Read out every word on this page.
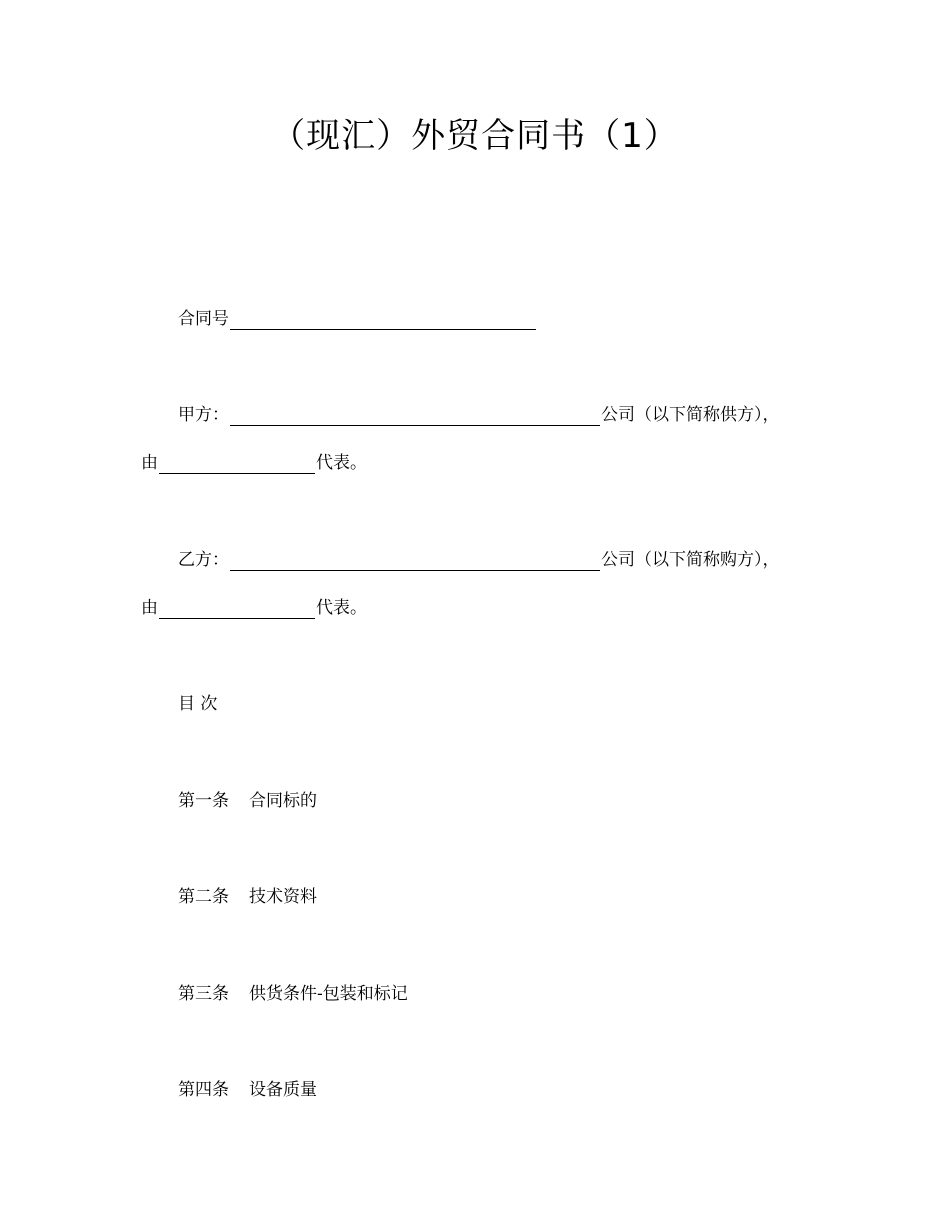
（现汇）外贸合同书（1）
合同号
甲方：	公司（以下简称供方），
由	代表。
乙方：	公司（以下简称购方），
由	代表。
目 次
第一条 合同标的
第二条 技术资料
第三条 供货条件-包装和标记
第四条 设备质量
